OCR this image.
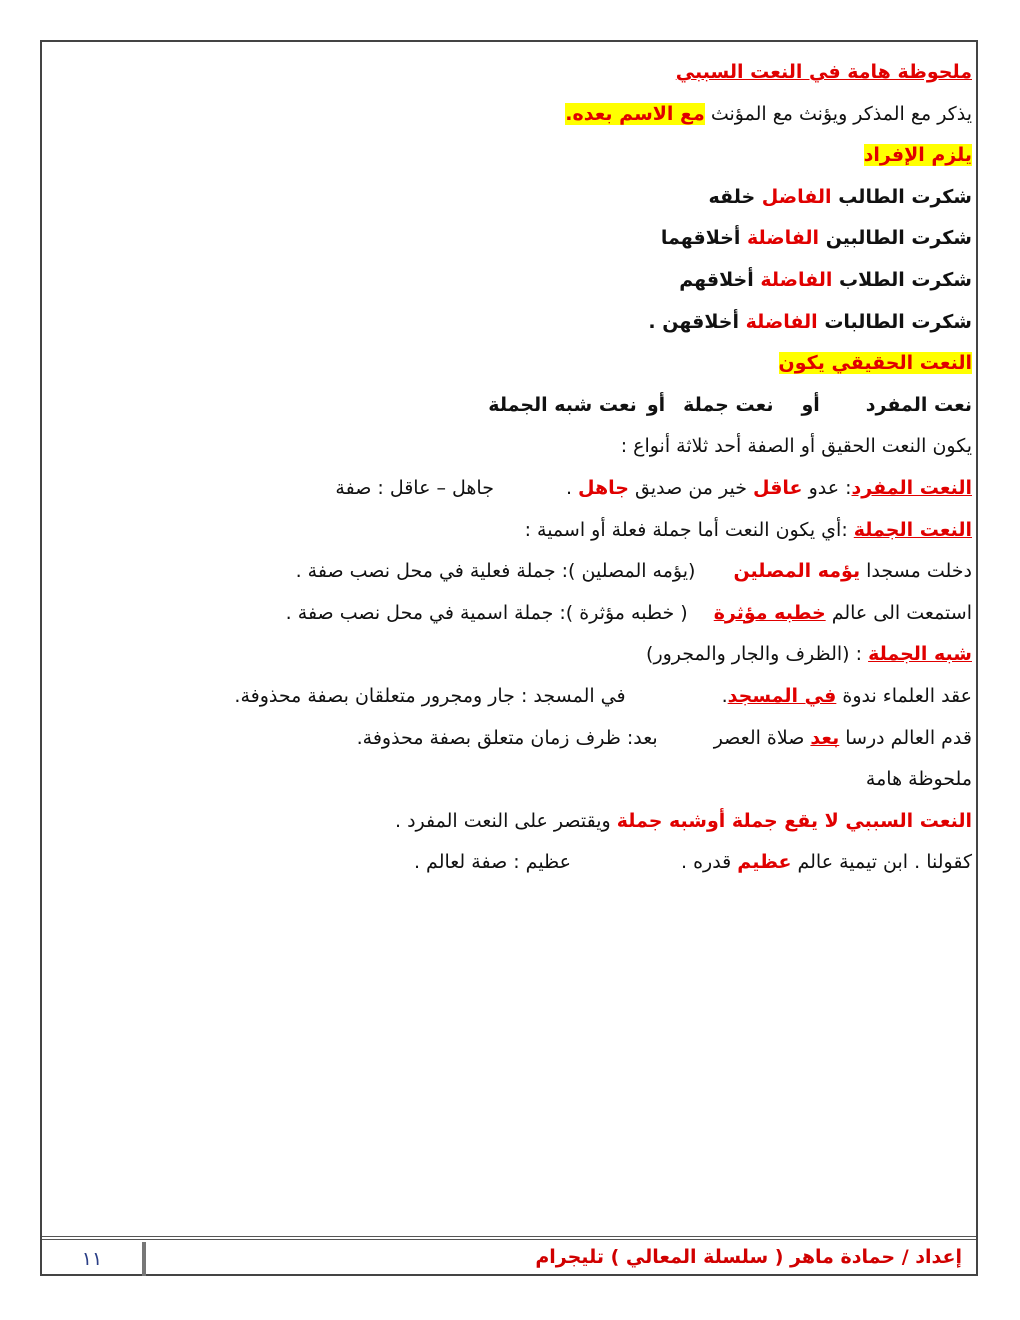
ملحوظة هامة في النعت السببي
يذكر مع المذكر ويؤنث مع المؤنث مع الاسم بعده.
يلزم الإفراد
شكرت الطالب الفاضل خلقه
شكرت الطالبين الفاضلة أخلاقهما
شكرت الطلاب الفاضلة أخلاقهم
شكرت الطالبات الفاضلة أخلاقهن .
النعت الحقيقي يكون
نعت المفردأونعت جملةأونعت شبه الجملة
يكون النعت الحقيق أو الصفة أحد ثلاثة أنواع :
النعت المفرد: عدو عاقل خير من صديق جاهل .جاهل – عاقل : صفة
النعت الجملة :أي يكون النعت أما جملة فعلة أو اسمية :
دخلت مسجدا يؤمه المصلين(يؤمه المصلين ): جملة فعلية في محل نصب صفة .
استمعت الى عالم خطبه مؤثرة( خطبه مؤثرة ): جملة اسمية في محل نصب صفة .
شبه الجملة : (الظرف والجار والمجرور)
عقد العلماء ندوة في المسجد.في المسجد : جار ومجرور متعلقان بصفة محذوفة.
قدم العالم درسا بعد صلاة العصربعد: ظرف زمان متعلق بصفة محذوفة.
ملحوظة هامة
النعت السببي لا يقع جملة أوشبه جملة ويقتصر على النعت المفرد .
كقولنا . ابن تيمية عالم عظيم قدره .عظيم : صفة لعالم .
إعداد / حمادة ماهر ( سلسلة المعالي ) تليجرام
١١
